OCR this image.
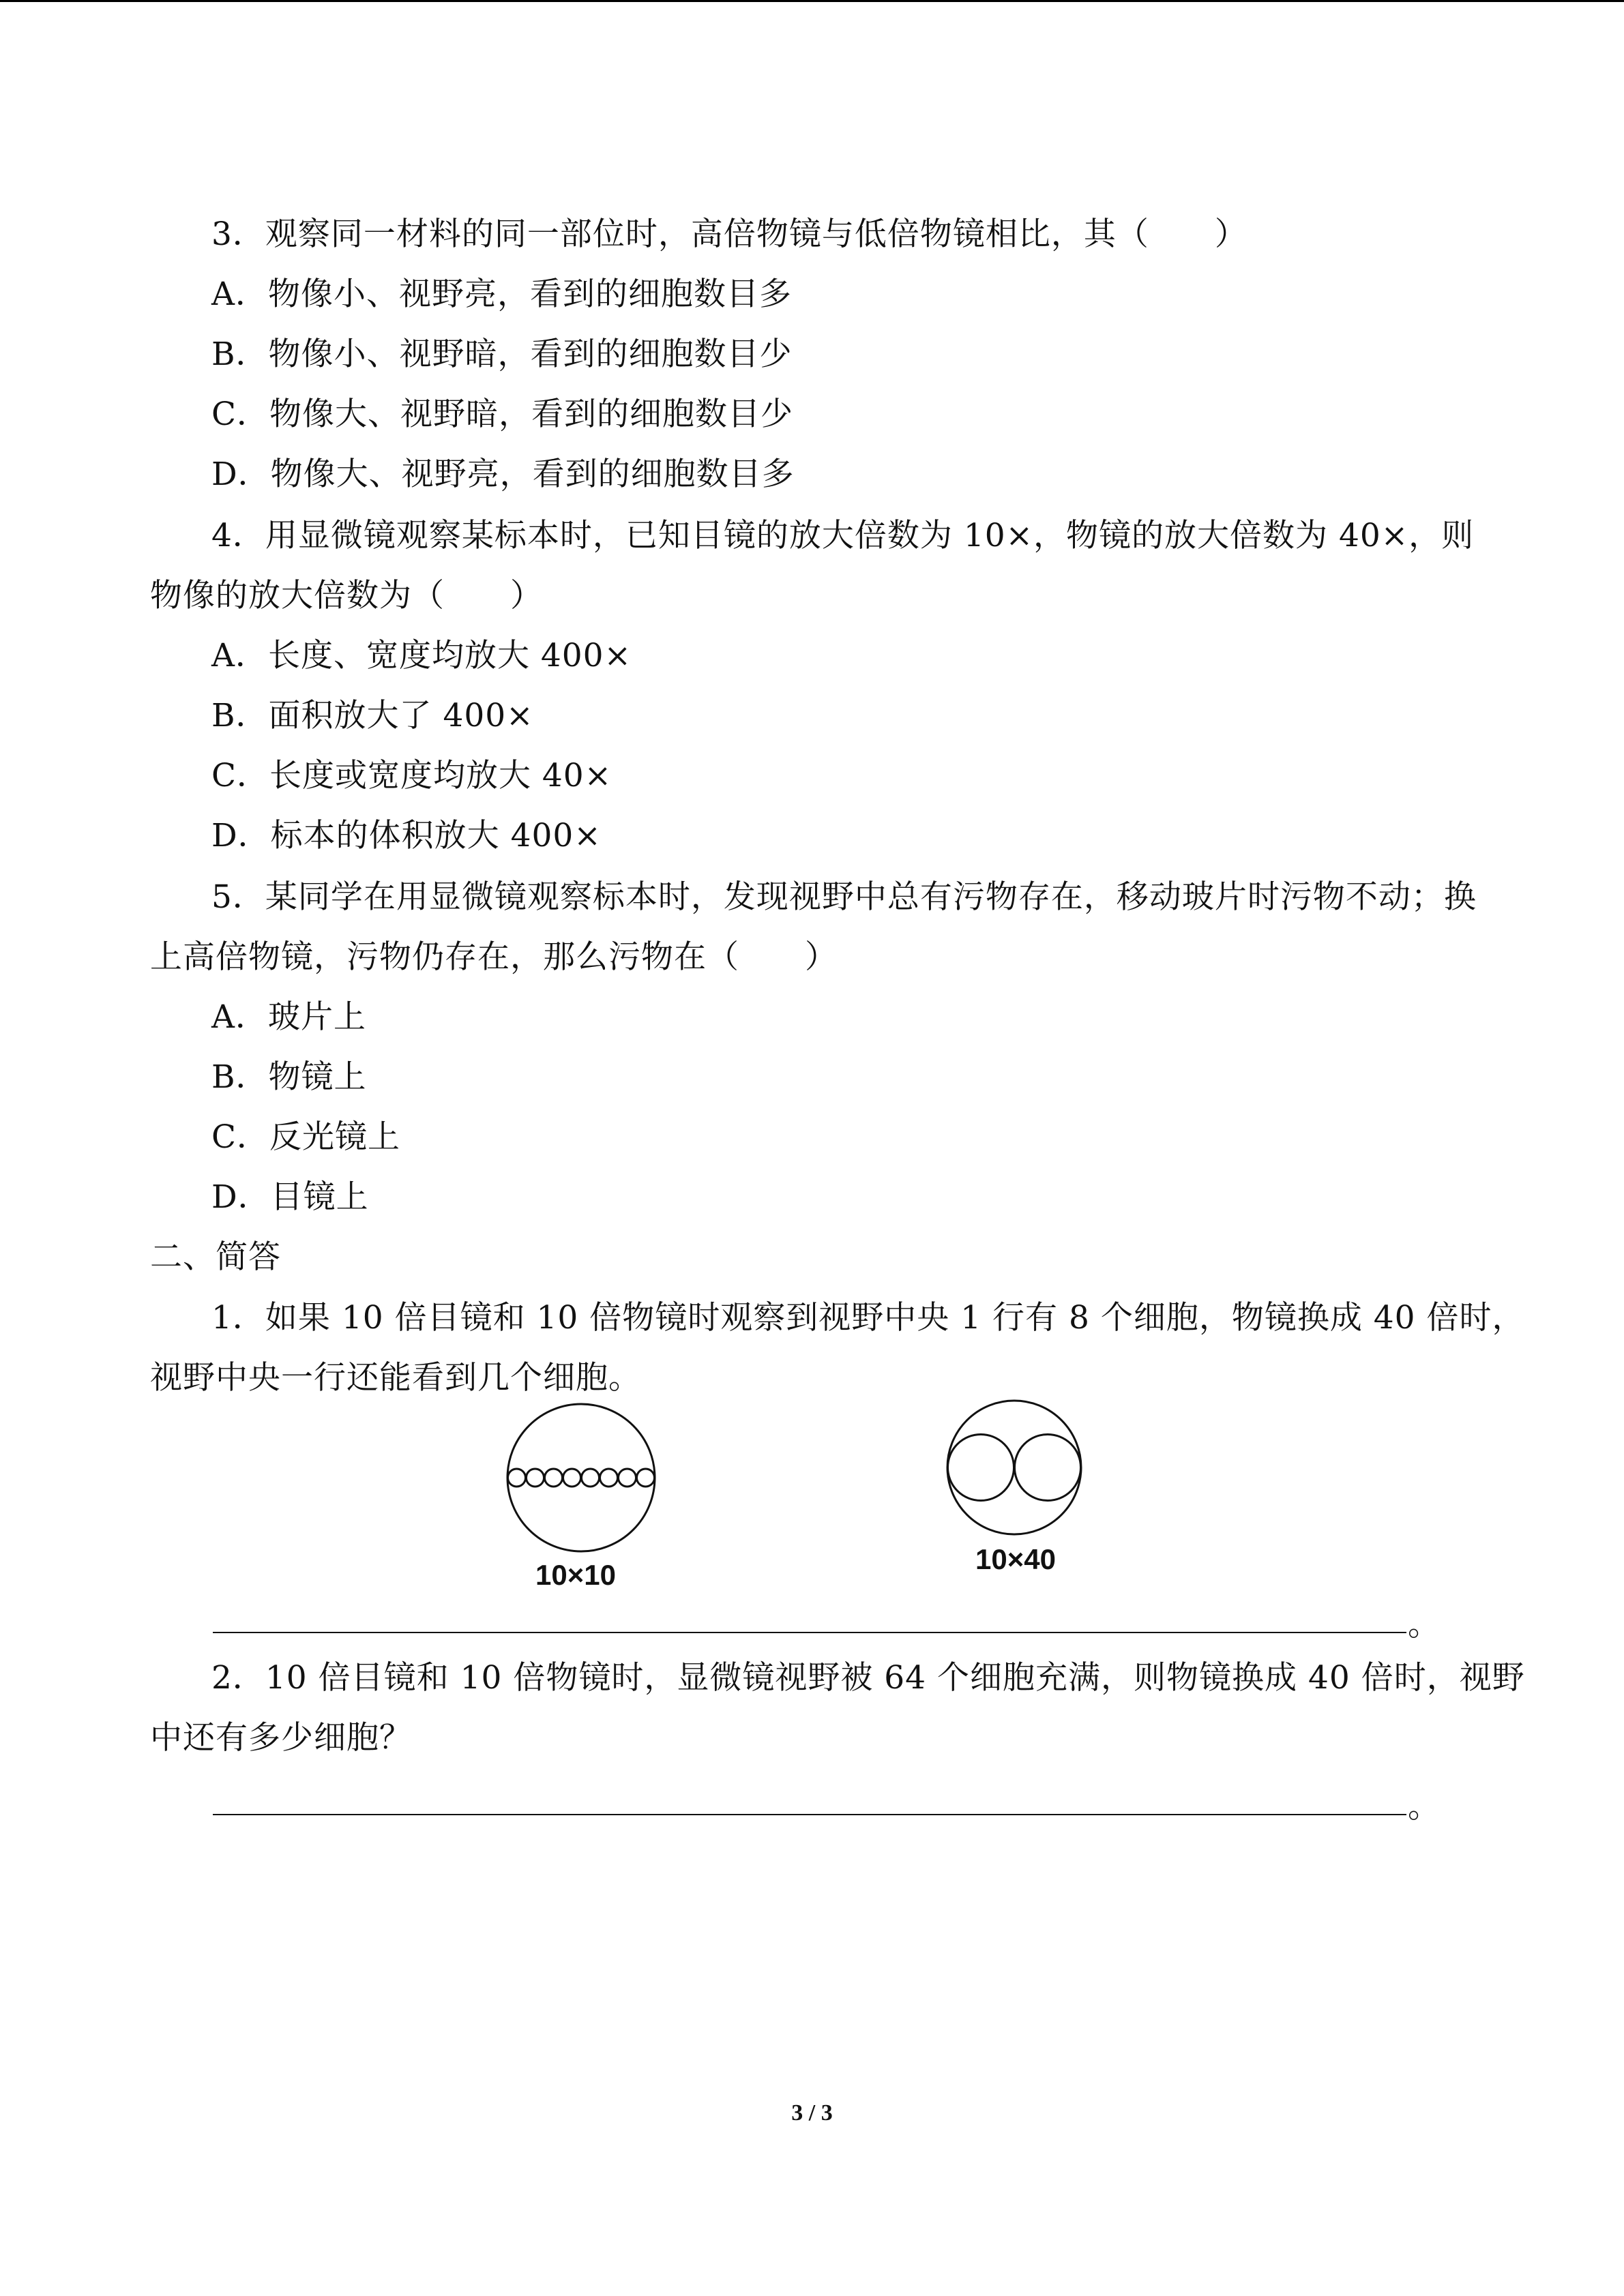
3．观察同一材料的同一部位时，高倍物镜与低倍物镜相比，其（　　）
A．物像小、视野亮，看到的细胞数目多
B．物像小、视野暗，看到的细胞数目少
C．物像大、视野暗，看到的细胞数目少
D．物像大、视野亮，看到的细胞数目多
4．用显微镜观察某标本时，已知目镜的放大倍数为 10×，物镜的放大倍数为 40×，则
物像的放大倍数为（　　）
A．长度、宽度均放大 400×
B．面积放大了 400×
C．长度或宽度均放大 40×
D．标本的体积放大 400×
5．某同学在用显微镜观察标本时，发现视野中总有污物存在，移动玻片时污物不动；换
上高倍物镜，污物仍存在，那么污物在（　　）
A．玻片上
B．物镜上
C．反光镜上
D．目镜上
二、简答
1．如果 10 倍目镜和 10 倍物镜时观察到视野中央 1 行有 8 个细胞，物镜换成 40 倍时，
视野中央一行还能看到几个细胞。
10×10	10×40
。
2．10 倍目镜和 10 倍物镜时，显微镜视野被 64 个细胞充满，则物镜换成 40 倍时，视野
中还有多少细胞？
。
3 / 3
